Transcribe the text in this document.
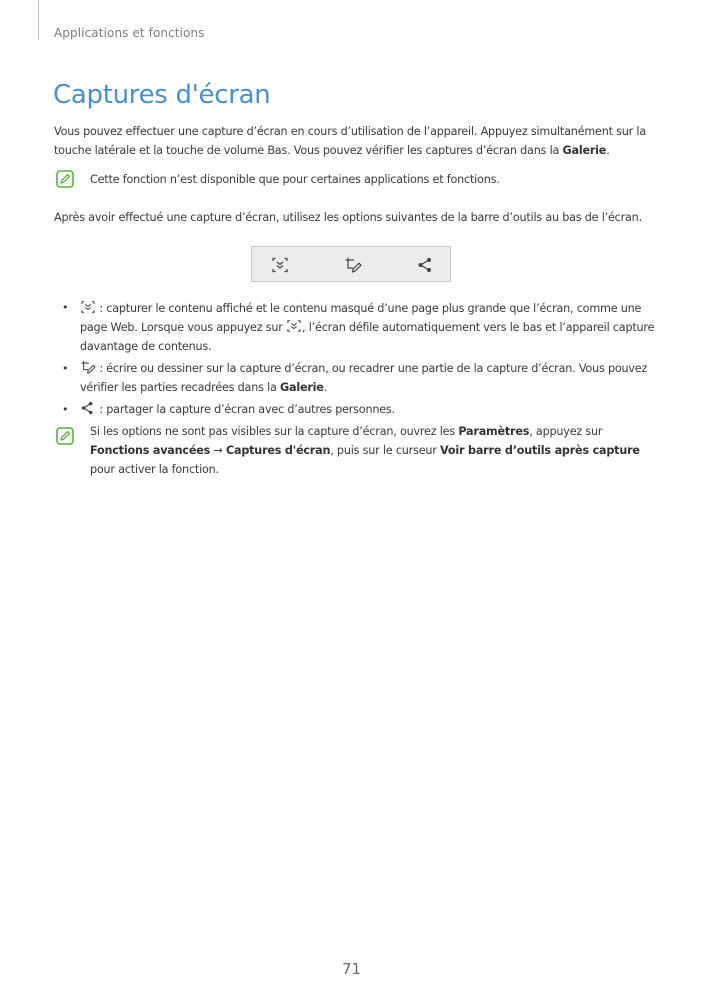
Applications et fonctions
Captures d'écran
Vous pouvez effectuer une capture d’écran en cours d’utilisation de l’appareil. Appuyez simultanément sur la touche latérale et la touche de volume Bas. Vous pouvez vérifier les captures d’écran dans la Galerie.
Cette fonction n’est disponible que pour certaines applications et fonctions.
Après avoir effectué une capture d’écran, utilisez les options suivantes de la barre d’outils au bas de l’écran.
•	: capturer le contenu affiché et le contenu masqué d’une page plus grande que l’écran, comme une page Web. Lorsque vous appuyez sur , l’écran défile automatiquement vers le bas et l’appareil capture davantage de contenus.
•	: écrire ou dessiner sur la capture d’écran, ou recadrer une partie de la capture d’écran. Vous pouvez vérifier les parties recadrées dans la Galerie.
•	: partager la capture d’écran avec d’autres personnes.
Si les options ne sont pas visibles sur la capture d’écran, ouvrez les Paramètres, appuyez sur Fonctions avancées → Captures d'écran, puis sur le curseur Voir barre d’outils après capture pour activer la fonction.
71
